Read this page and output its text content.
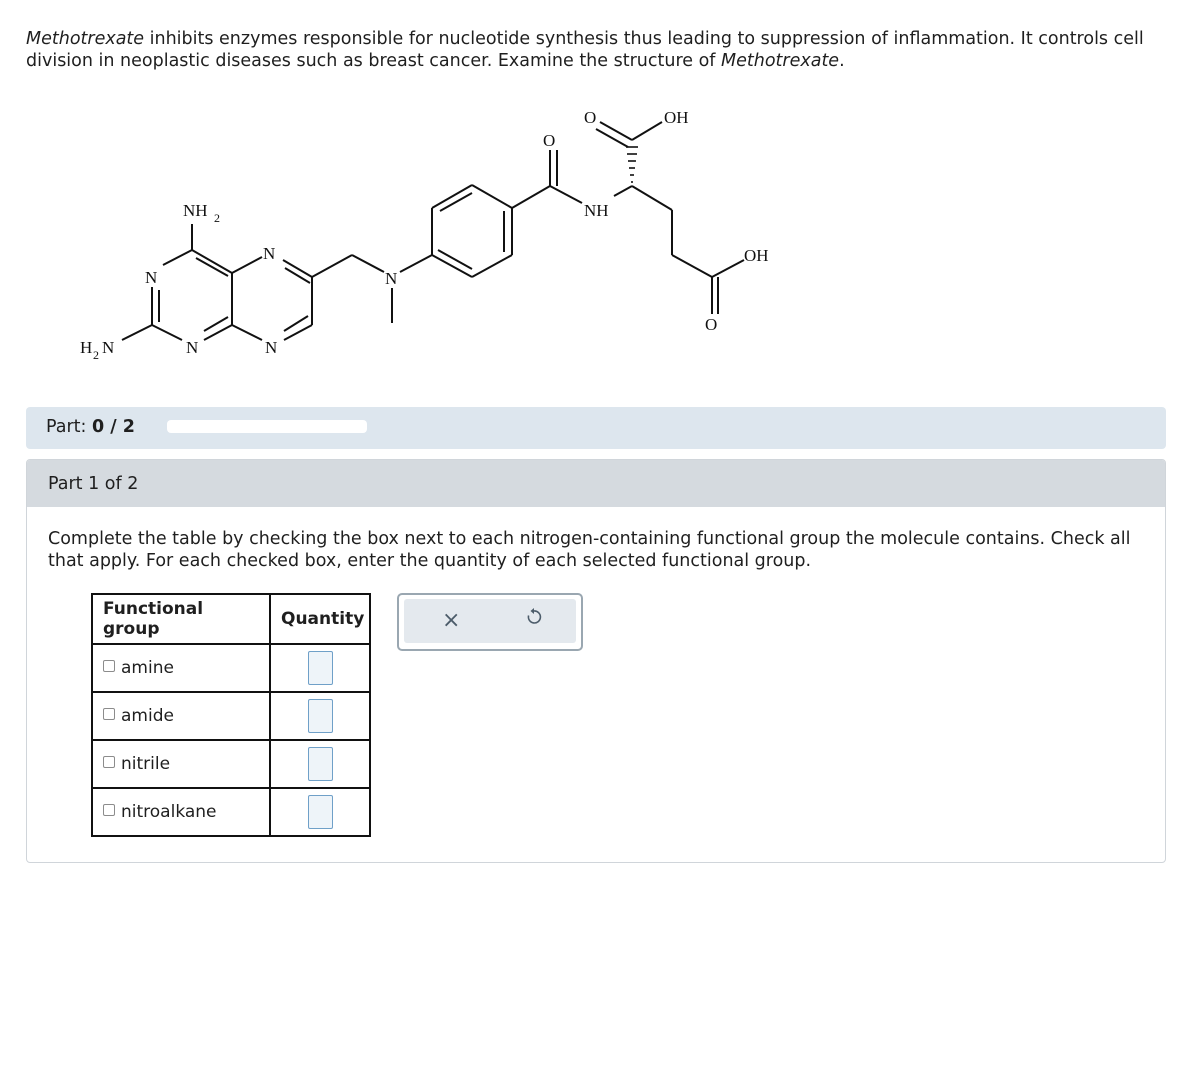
Methotrexate inhibits enzymes responsible for nucleotide synthesis thus leading to suppression of inflammation. It controls cell division in neoplastic diseases such as breast cancer. Examine the structure of Methotrexate.
NH 2
N
N
N
N
N
H 2 N
O
NH
O	OH
OH
O
Part: 0 / 2
Part 1 of 2
Complete the table by checking the box next to each nitrogen-containing functional group the molecule contains. Check all that apply. For each checked box, enter the quantity of each selected functional group.
Functional group	Quantity
amine	
amide	
nitrile	
nitroalkane	
×
